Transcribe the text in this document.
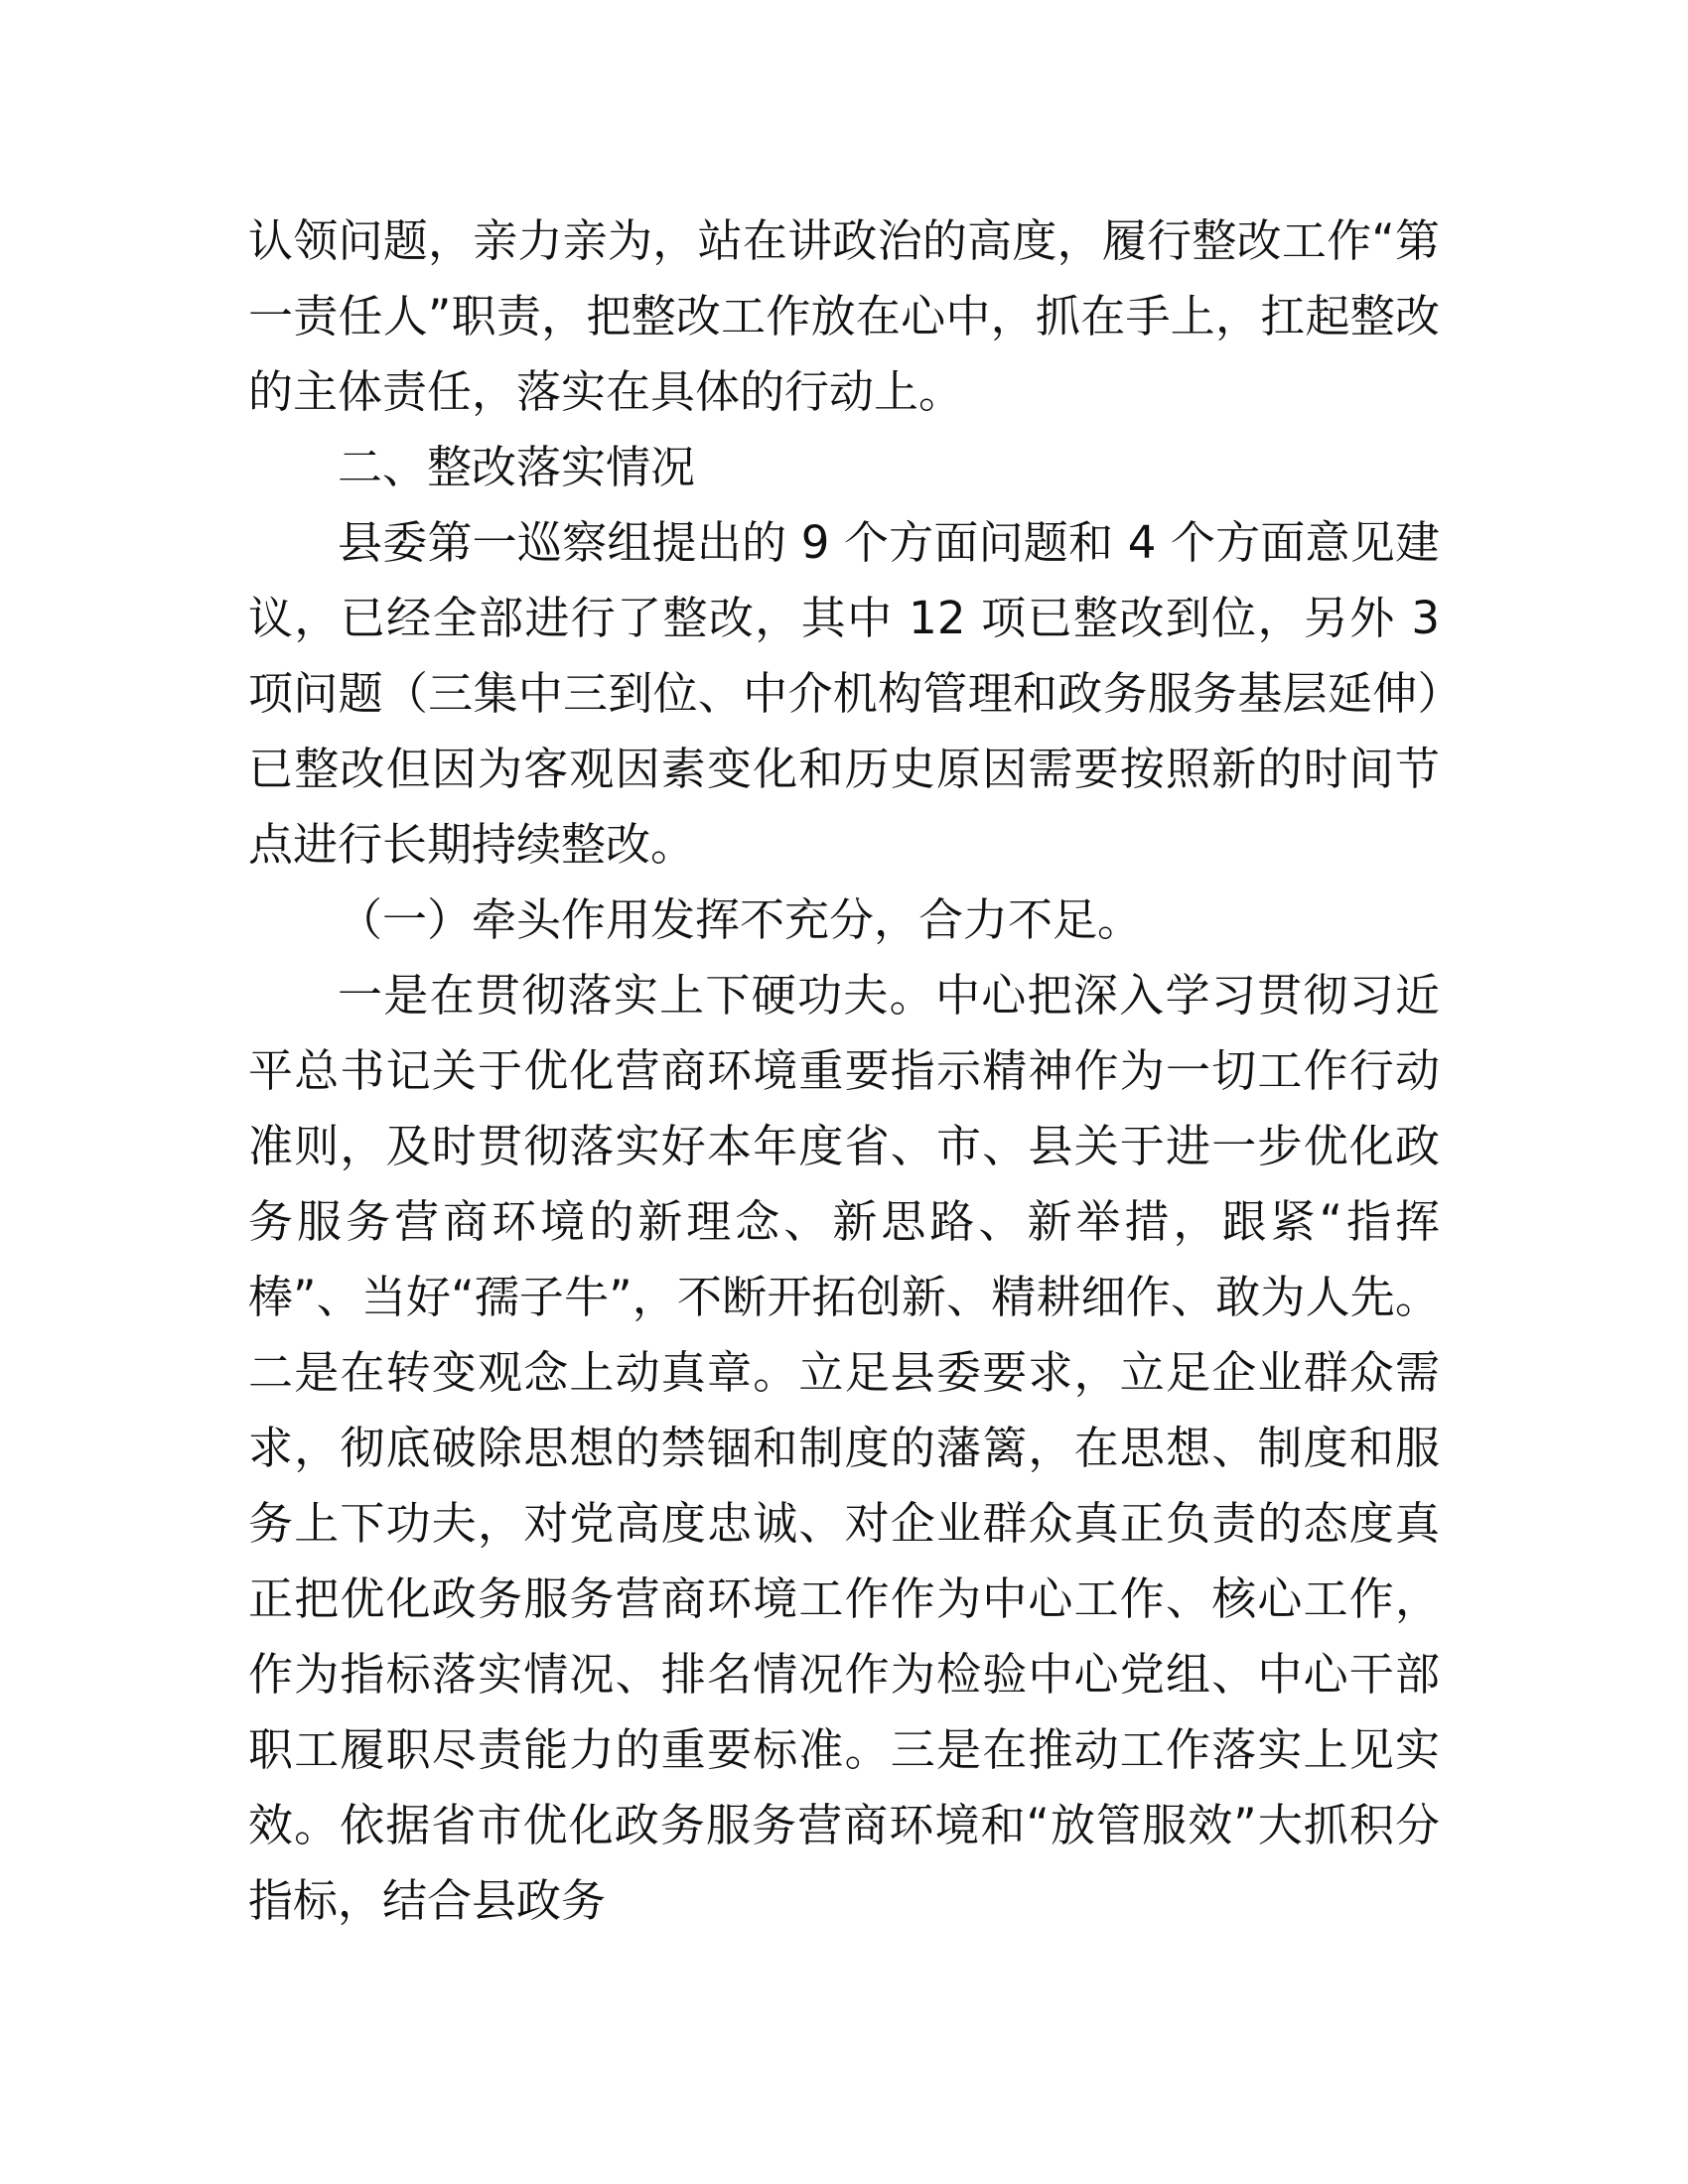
认领问题，亲力亲为，站在讲政治的高度，履行整改工作“第一责任人”职责，把整改工作放在心中，抓在手上，扛起整改的主体责任，落实在具体的行动上。

二、整改落实情况

县委第一巡察组提出的 9 个方面问题和 4 个方面意见建议，已经全部进行了整改，其中 12 项已整改到位，另外 3 项问题（三集中三到位、中介机构管理和政务服务基层延伸）已整改但因为客观因素变化和历史原因需要按照新的时间节点进行长期持续整改。

（一）牵头作用发挥不充分，合力不足。

一是在贯彻落实上下硬功夫。中心把深入学习贯彻习近平总书记关于优化营商环境重要指示精神作为一切工作行动准则，及时贯彻落实好本年度省、市、县关于进一步优化政务服务营商环境的新理念、新思路、新举措，跟紧“指挥棒”、当好“孺子牛”，不断开拓创新、精耕细作、敢为人先。二是在转变观念上动真章。立足县委要求，立足企业群众需求，彻底破除思想的禁锢和制度的藩篱，在思想、制度和服务上下功夫，对党高度忠诚、对企业群众真正负责的态度真正把优化政务服务营商环境工作作为中心工作、核心工作，作为指标落实情况、排名情况作为检验中心党组、中心干部职工履职尽责能力的重要标准。三是在推动工作落实上见实效。依据省市优化政务服务营商环境和“放管服效”大抓积分指标，结合县政务
